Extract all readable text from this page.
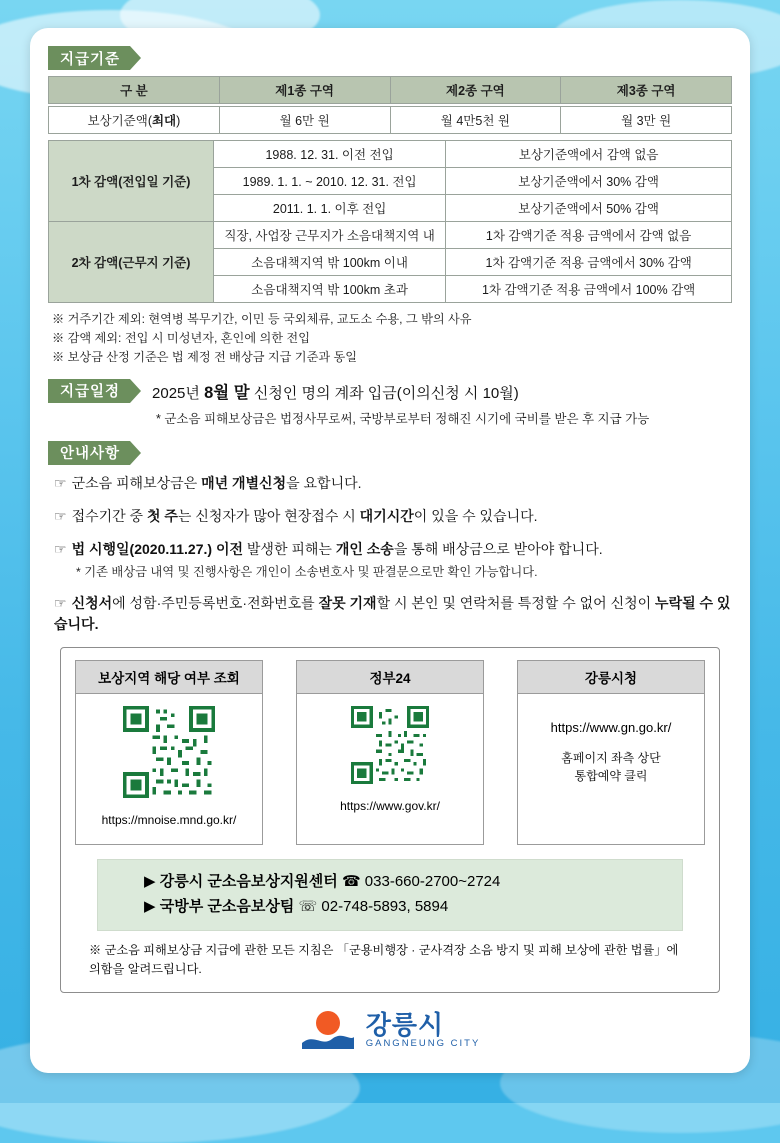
지급기준
구 분	제1종 구역	제2종 구역	제3종 구역

보상기준액(최대)	월 6만 원	월 4만5천 원	월 3만 원
1차 감액(전입일 기준)	1988. 12. 31. 이전 전입	보상기준액에서 감액 없음
	1989. 1. 1. ~ 2010. 12. 31. 전입	보상기준액에서 30% 감액
	2011. 1. 1. 이후 전입	보상기준액에서 50% 감액
2차 감액(근무지 기준)	직장, 사업장 근무지가 소음대책지역 내	1차 감액기준 적용 금액에서 감액 없음
	소음대책지역 밖 100km 이내	1차 감액기준 적용 금액에서 30% 감액
	소음대책지역 밖 100km 초과	1차 감액기준 적용 금액에서 100% 감액
※ 거주기간 제외: 현역병 복무기간, 이민 등 국외체류, 교도소 수용, 그 밖의 사유
※ 감액 제외: 전입 시 미성년자, 혼인에 의한 전입
※ 보상금 산정 기준은 법 제정 전 배상금 지급 기준과 동일
지급일정	2025년 8월 말 신청인 명의 계좌 입금(이의신청 시 10월)
* 군소음 피해보상금은 법정사무로써, 국방부로부터 정해진 시기에 국비를 받은 후 지급 가능
안내사항
☞ 군소음 피해보상금은 매년 개별신청을 요합니다.
☞ 접수기간 중 첫 주는 신청자가 많아 현장접수 시 대기시간이 있을 수 있습니다.
☞ 법 시행일(2020.11.27.) 이전 발생한 피해는 개인 소송을 통해 배상금으로 받아야 합니다.
* 기존 배상금 내역 및 진행사항은 개인이 소송변호사 및 판결문으로만 확인 가능합니다.
☞ 신청서에 성함·주민등록번호·전화번호를 잘못 기재할 시 본인 및 연락처를 특정할 수 없어 신청이 누락될 수 있습니다.
보상지역 해당 여부 조회
https://mnoise.mnd.go.kr/
정부24
https://www.gov.kr/
강릉시청
https://www.gn.go.kr/
홈페이지 좌측 상단
통합예약 클릭
▶ 강릉시 군소음보상지원센터 ☎ 033-660-2700~2724
▶ 국방부 군소음보상팀 ☏ 02-748-5893, 5894
※ 군소음 피해보상금 지급에 관한 모든 지침은 「군용비행장 · 군사격장 소음 방지 및 피해 보상에 관한 법률」에 의함을 알려드립니다.
강릉시
GANGNEUNG CITY
